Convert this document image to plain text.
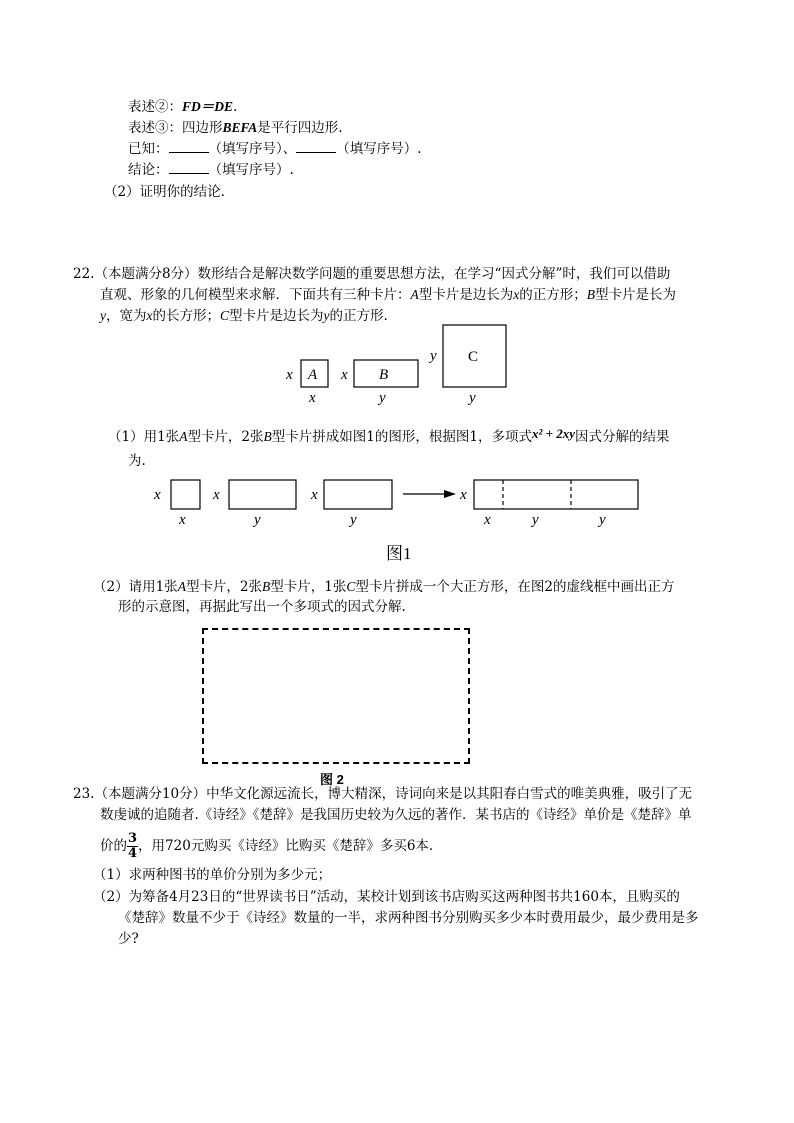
表述②：FD＝DE.
表述③：四边形BEFA是平行四边形.
已知：	（填写序号）、	（填写序号）.
结论：	（填写序号）.
（2）证明你的结论.
22.（本题满分8分）数形结合是解决数学问题的重要思想方法，在学习“因式分解”时，我们可以借助
直观、形象的几何模型来求解．下面共有三种卡片：A型卡片是边长为x的正方形；B型卡片是长为
y，宽为x的长方形；C型卡片是边长为y的正方形.
x A
x
x B
y
y C
y
（1）用1张A型卡片，2张B型卡片拼成如图1的图形，根据图1，多项式x² + 2xy因式分解的结果
为.
x
x
x
y
x
y
x
x	y	y
图1
（2）请用1张A型卡片，2张B型卡片，1张C型卡片拼成一个大正方形，在图2的虚线框中画出正方
形的示意图，再据此写出一个多项式的因式分解.
图 2
23.（本题满分10分）中华文化源远流长，博大精深，诗词向来是以其阳春白雪式的唯美典雅，吸引了无
数虔诚的追随者.《诗经》《楚辞》是我国历史较为久远的著作．某书店的《诗经》单价是《楚辞》单
价的 $\frac{3}{4}$ ，用720元购买《诗经》比购买《楚辞》多买6本.
（1）求两种图书的单价分别为多少元；
（2）为筹备4月23日的“世界读书日”活动，某校计划到该书店购买这两种图书共160本，且购买的
《楚辞》数量不少于《诗经》数量的一半，求两种图书分别购买多少本时费用最少，最少费用是多
少?
